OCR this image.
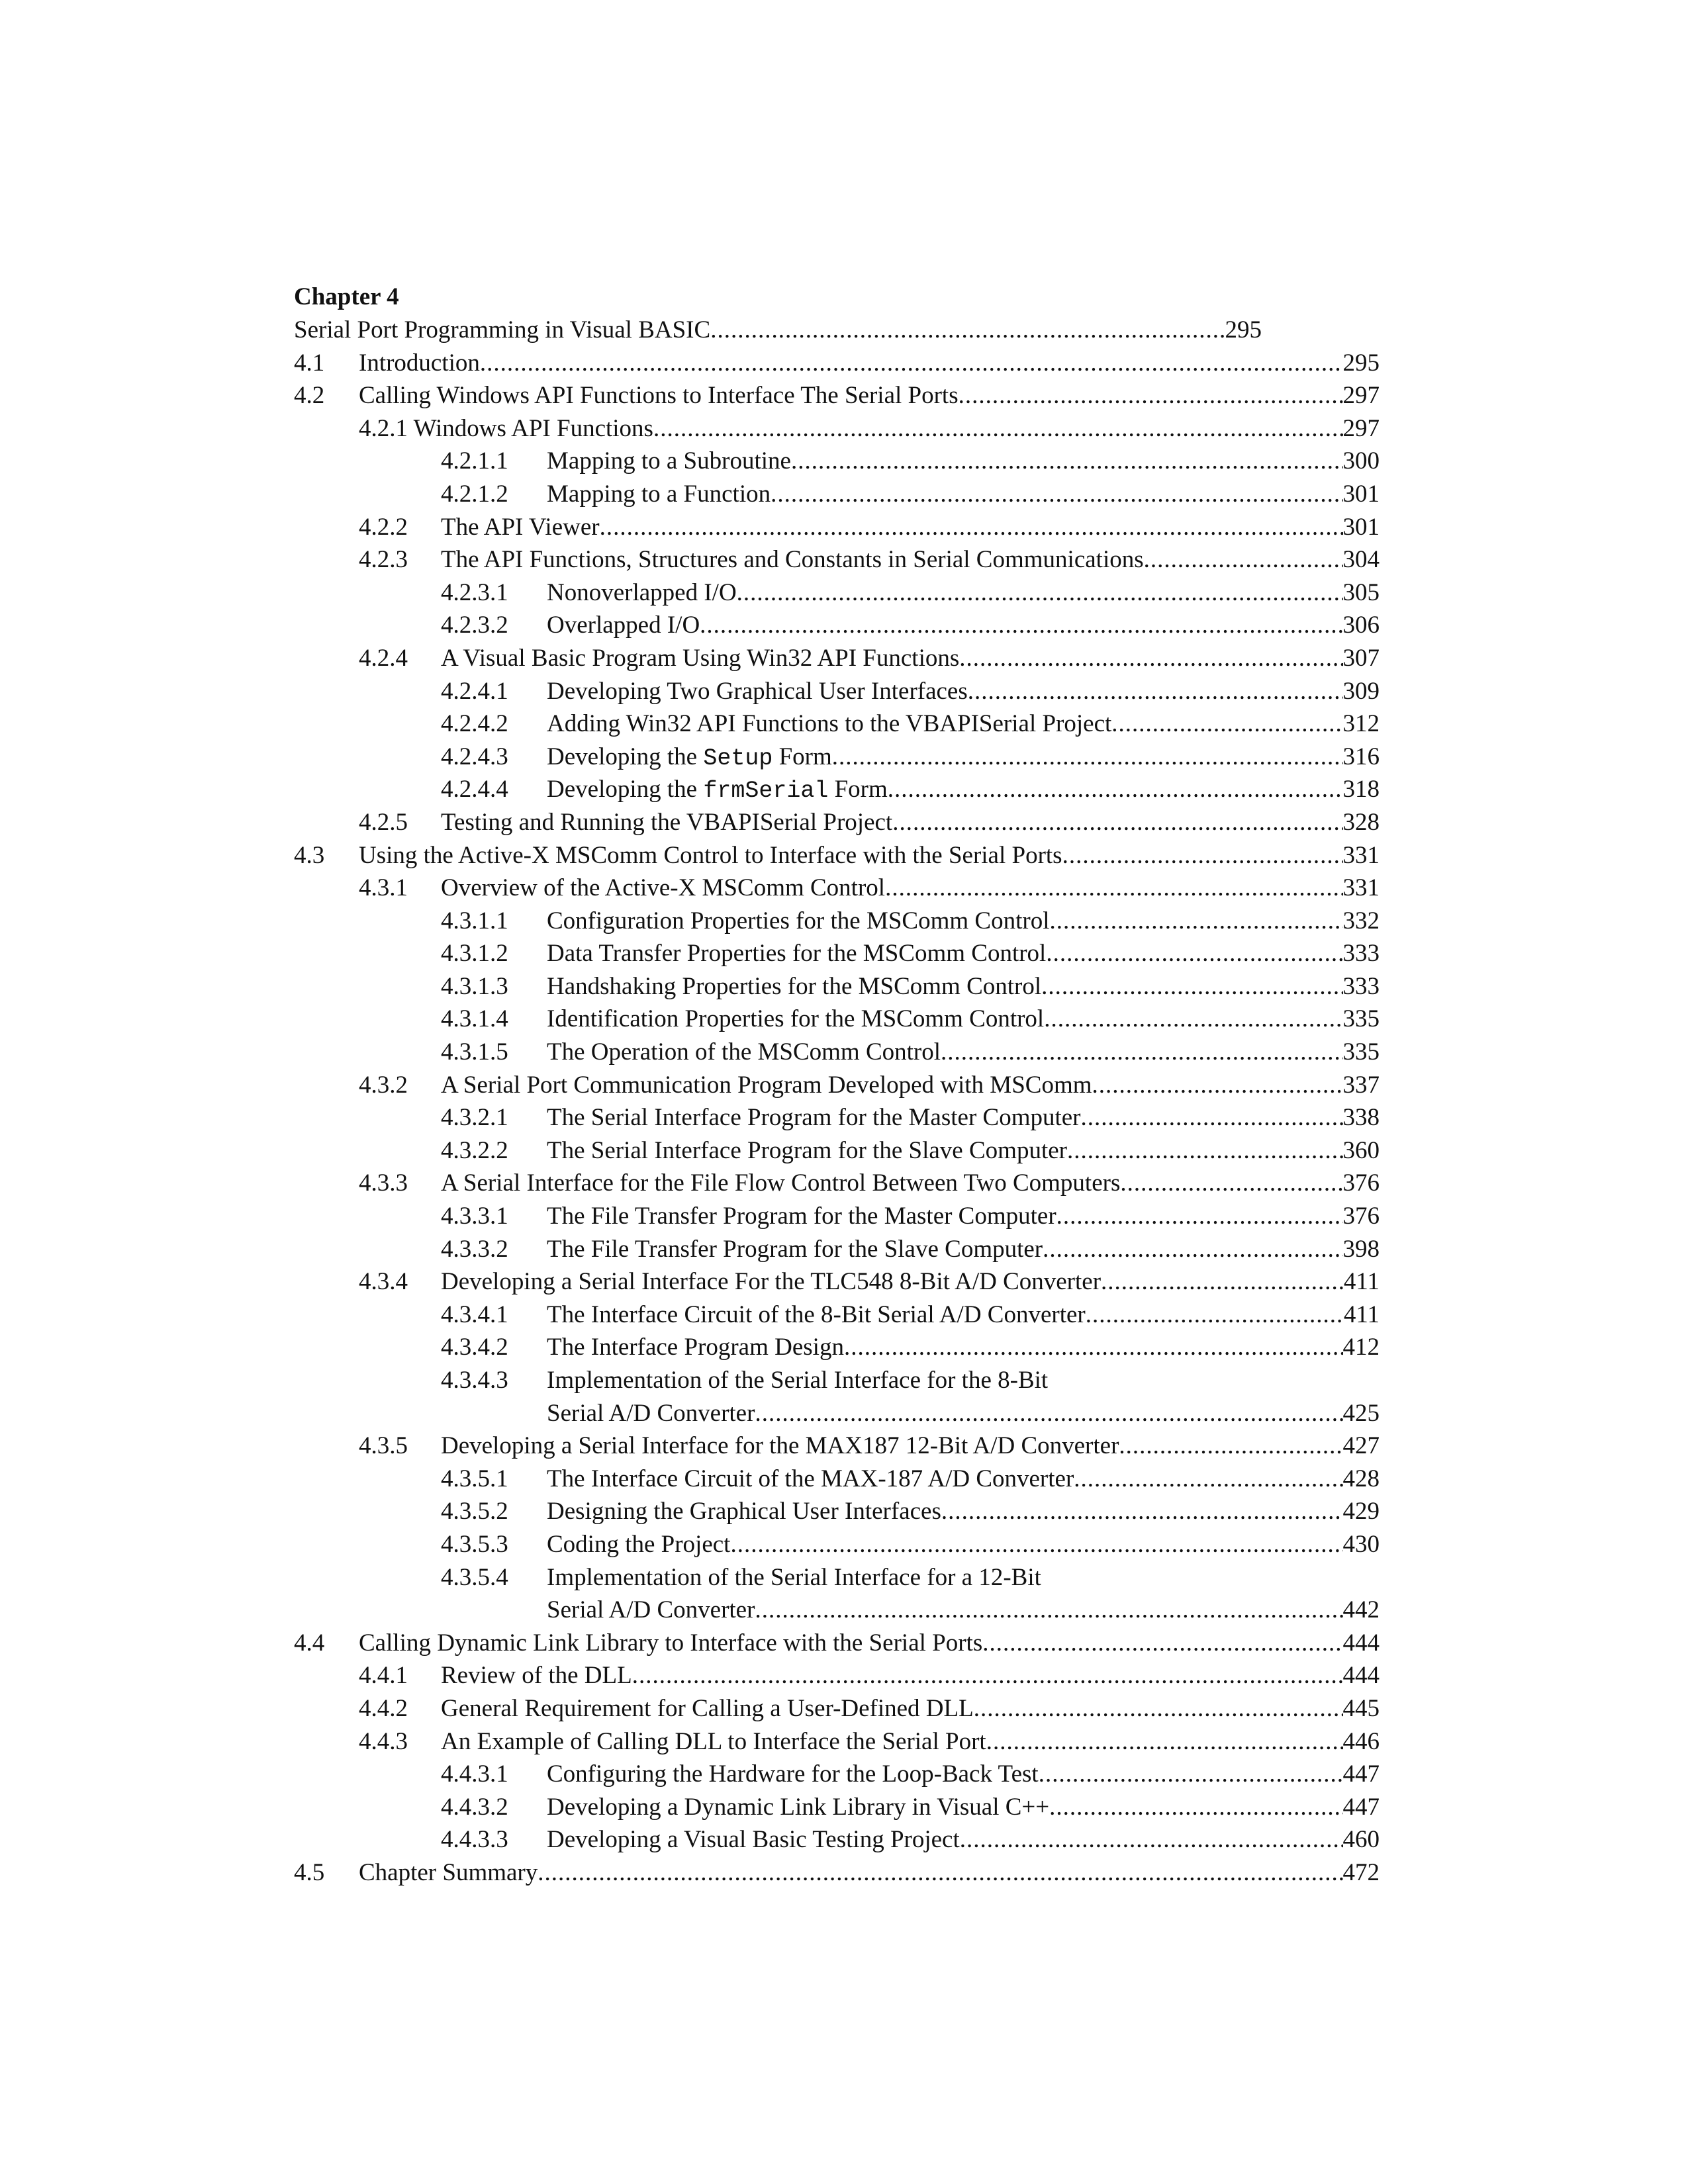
Chapter 4
Serial Port Programming in Visual BASIC .....	295
4.1 Introduction .....	295
4.2 Calling Windows API Functions to Interface The Serial Ports .....	297
4.2.1 Windows API Functions .....	297
4.2.1.1 Mapping to a Subroutine .....	300
4.2.1.2 Mapping to a Function .....	301
4.2.2 The API Viewer .....	301
4.2.3 The API Functions, Structures and Constants in Serial Communications .....	304
4.2.3.1 Nonoverlapped I/O .....	305
4.2.3.2 Overlapped I/O .....	306
4.2.4 A Visual Basic Program Using Win32 API Functions .....	307
4.2.4.1 Developing Two Graphical User Interfaces .....	309
4.2.4.2 Adding Win32 API Functions to the VBAPISerial Project .....	312
4.2.4.3 Developing the Setup Form .....	316
4.2.4.4 Developing the frmSerial Form .....	318
4.2.5 Testing and Running the VBAPISerial Project .....	328
4.3 Using the Active-X MSComm Control to Interface with the Serial Ports .....	331
4.3.1 Overview of the Active-X MSComm Control .....	331
4.3.1.1 Configuration Properties for the MSComm Control .....	332
4.3.1.2 Data Transfer Properties for the MSComm Control .....	333
4.3.1.3 Handshaking Properties for the MSComm Control .....	333
4.3.1.4 Identification Properties for the MSComm Control .....	335
4.3.1.5 The Operation of the MSComm Control .....	335
4.3.2 A Serial Port Communication Program Developed with MSComm .....	337
4.3.2.1 The Serial Interface Program for the Master Computer .....	338
4.3.2.2 The Serial Interface Program for the Slave Computer .....	360
4.3.3 A Serial Interface for the File Flow Control Between Two Computers .....	376
4.3.3.1 The File Transfer Program for the Master Computer .....	376
4.3.3.2 The File Transfer Program for the Slave Computer .....	398
4.3.4 Developing a Serial Interface For the TLC548 8-Bit A/D Converter .....	411
4.3.4.1 The Interface Circuit of the 8-Bit Serial A/D Converter .....	411
4.3.4.2 The Interface Program Design .....	412
4.3.4.3 Implementation of the Serial Interface for the 8-Bit
Serial A/D Converter .....	425
4.3.5 Developing a Serial Interface for the MAX187 12-Bit A/D Converter .....	427
4.3.5.1 The Interface Circuit of the MAX-187 A/D Converter .....	428
4.3.5.2 Designing the Graphical User Interfaces .....	429
4.3.5.3 Coding the Project .....	430
4.3.5.4 Implementation of the Serial Interface for a 12-Bit
Serial A/D Converter .....	442
4.4 Calling Dynamic Link Library to Interface with the Serial Ports .....	444
4.4.1 Review of the DLL .....	444
4.4.2 General Requirement for Calling a User-Defined DLL .....	445
4.4.3 An Example of Calling DLL to Interface the Serial Port .....	446
4.4.3.1 Configuring the Hardware for the Loop-Back Test .....	447
4.4.3.2 Developing a Dynamic Link Library in Visual C++ .....	447
4.4.3.3 Developing a Visual Basic Testing Project .....	460
4.5 Chapter Summary .....	472
